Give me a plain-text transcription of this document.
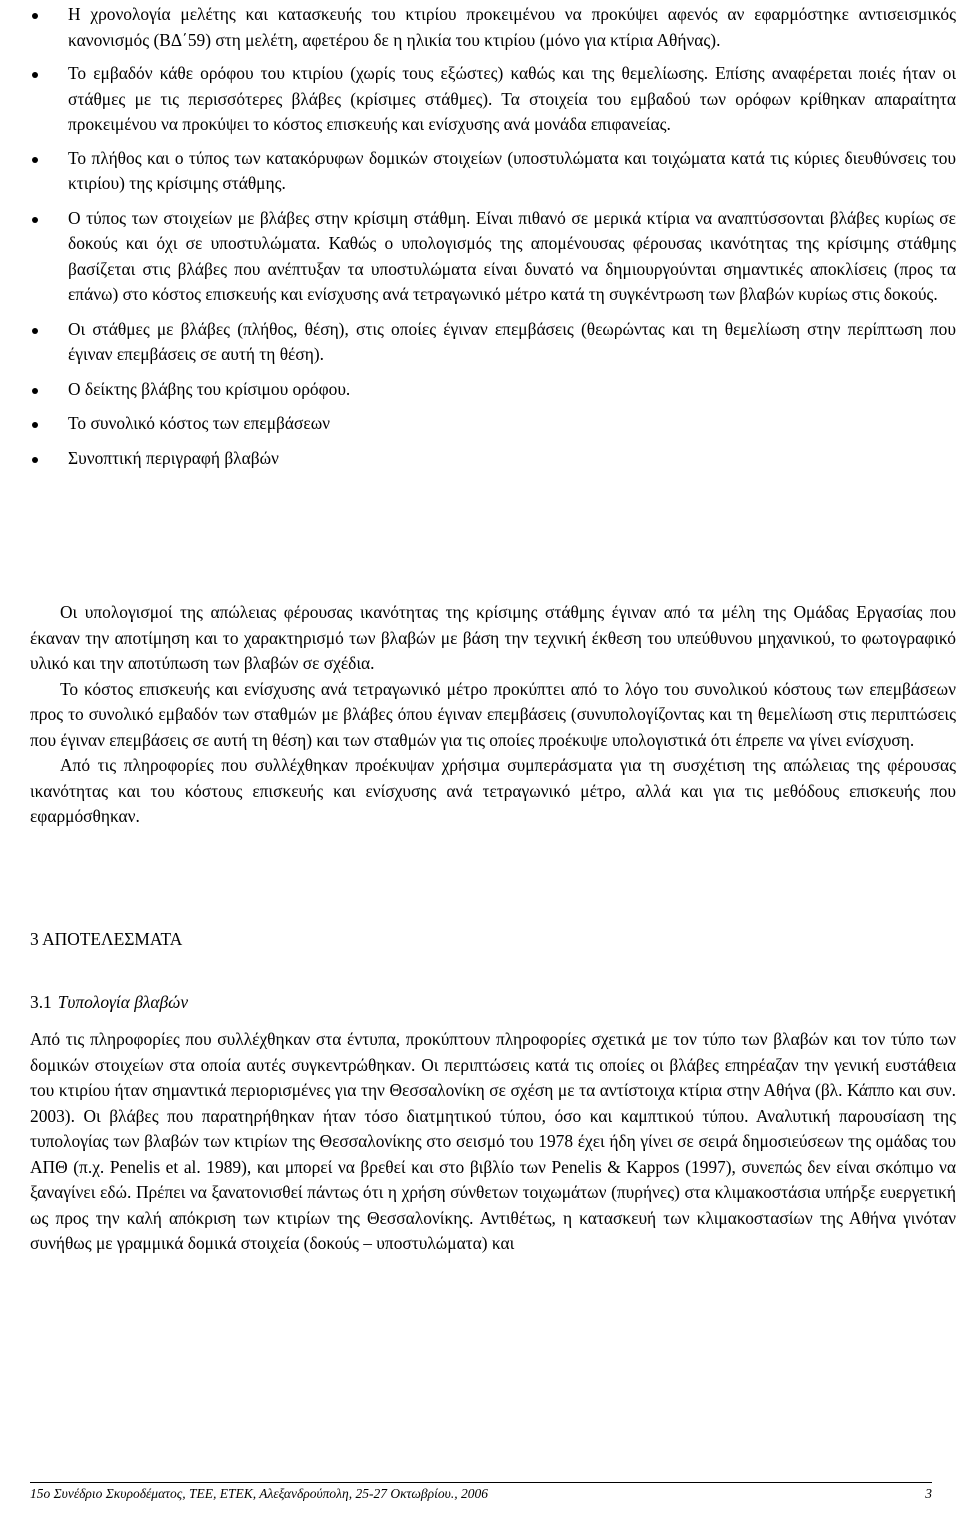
Η χρονολογία μελέτης και κατασκευής του κτιρίου προκειμένου να προκύψει αφενός αν εφαρμόστηκε αντισεισμικός κανονισμός (ΒΔ΄59) στη μελέτη, αφετέρου δε η ηλικία του κτιρίου (μόνο για κτίρια Αθήνας).
Το εμβαδόν κάθε ορόφου του κτιρίου (χωρίς τους εξώστες) καθώς και της θεμελίωσης. Επίσης αναφέρεται ποιές ήταν οι στάθμες με τις περισσότερες βλάβες (κρίσιμες στάθμες). Τα στοιχεία του εμβαδού των ορόφων κρίθηκαν απαραίτητα προκειμένου να προκύψει το κόστος επισκευής και ενίσχυσης ανά μονάδα επιφανείας.
Το πλήθος και ο τύπος των κατακόρυφων δομικών στοιχείων (υποστυλώματα και τοιχώματα κατά τις κύριες διευθύνσεις του κτιρίου) της κρίσιμης στάθμης.
Ο τύπος των στοιχείων με βλάβες στην κρίσιμη στάθμη. Είναι πιθανό σε μερικά κτίρια να αναπτύσσονται βλάβες κυρίως σε δοκούς και όχι σε υποστυλώματα. Καθώς ο υπολογισμός της απομένουσας φέρουσας ικανότητας της κρίσιμης στάθμης βασίζεται στις βλάβες που ανέπτυξαν τα υποστυλώματα είναι δυνατό να δημιουργούνται σημαντικές αποκλίσεις (προς τα επάνω) στο κόστος επισκευής και ενίσχυσης ανά τετραγωνικό μέτρο κατά τη συγκέντρωση των βλαβών κυρίως στις δοκούς.
Οι στάθμες με βλάβες (πλήθος, θέση), στις οποίες έγιναν επεμβάσεις (θεωρώντας και τη θεμελίωση στην περίπτωση που έγιναν επεμβάσεις σε αυτή τη θέση).
Ο δείκτης βλάβης του κρίσιμου ορόφου.
Το συνολικό κόστος των επεμβάσεων
Συνοπτική περιγραφή βλαβών

Οι υπολογισμοί της απώλειας φέρουσας ικανότητας της κρίσιμης στάθμης έγιναν από τα μέλη της Ομάδας Εργασίας που έκαναν την αποτίμηση και το χαρακτηρισμό των βλαβών με βάση την τεχνική έκθεση του υπεύθυνου μηχανικού, το φωτογραφικό υλικό και την αποτύπωση των βλαβών σε σχέδια.

Το κόστος επισκευής και ενίσχυσης ανά τετραγωνικό μέτρο προκύπτει από το λόγο του συνολικού κόστους των επεμβάσεων προς το συνολικό εμβαδόν των σταθμών με βλάβες όπου έγιναν επεμβάσεις (συνυπολογίζοντας και τη θεμελίωση στις περιπτώσεις που έγιναν επεμβάσεις σε αυτή τη θέση) και των σταθμών για τις οποίες προέκυψε υπολογιστικά ότι έπρεπε να γίνει ενίσχυση.

Από τις πληροφορίες που συλλέχθηκαν προέκυψαν χρήσιμα συμπεράσματα για τη συσχέτιση της απώλειας της φέρουσας ικανότητας και του κόστους επισκευής και ενίσχυσης ανά τετραγωνικό μέτρο, αλλά και για τις μεθόδους επισκευής που εφαρμόσθηκαν.

3 ΑΠΟΤΕΛΕΣΜΑΤΑ
3.1 Τυπολογία βλαβών

Από τις πληροφορίες που συλλέχθηκαν στα έντυπα, προκύπτουν πληροφορίες σχετικά με τον τύπο των βλαβών και τον τύπο των δομικών στοιχείων στα οποία αυτές συγκεντρώθηκαν. Οι περιπτώσεις κατά τις οποίες οι βλάβες επηρέαζαν την γενική ευστάθεια του κτιρίου ήταν σημαντικά περιορισμένες για την Θεσσαλονίκη σε σχέση με τα αντίστοιχα κτίρια στην Αθήνα (βλ. Κάππο και συν. 2003). Οι βλάβες που παρατηρήθηκαν ήταν τόσο διατμητικού τύπου, όσο και καμπτικού τύπου. Αναλυτική παρουσίαση της τυπολογίας των βλαβών των κτιρίων της Θεσσαλονίκης στο σεισμό του 1978 έχει ήδη γίνει σε σειρά δημοσιεύσεων της ομάδας του ΑΠΘ (π.χ. Penelis et al. 1989), και μπορεί να βρεθεί και στο βιβλίο των Penelis & Kappos (1997), συνεπώς δεν είναι σκόπιμο να ξαναγίνει εδώ. Πρέπει να ξανατονισθεί πάντως ότι η χρήση σύνθετων τοιχωμάτων (πυρήνες) στα κλιμακοστάσια υπήρξε ευεργετική ως προς την καλή απόκριση των κτιρίων της Θεσσαλονίκης. Αντιθέτως, η κατασκευή των κλιμακοστασίων της Αθήνα γινόταν συνήθως με γραμμικά δομικά στοιχεία (δοκούς – υποστυλώματα) και

15ο Συνέδριο Σκυροδέματος, ΤΕΕ, ΕΤΕΚ, Αλεξανδρούπολη, 25-27 Οκτωβρίου., 2006	3
